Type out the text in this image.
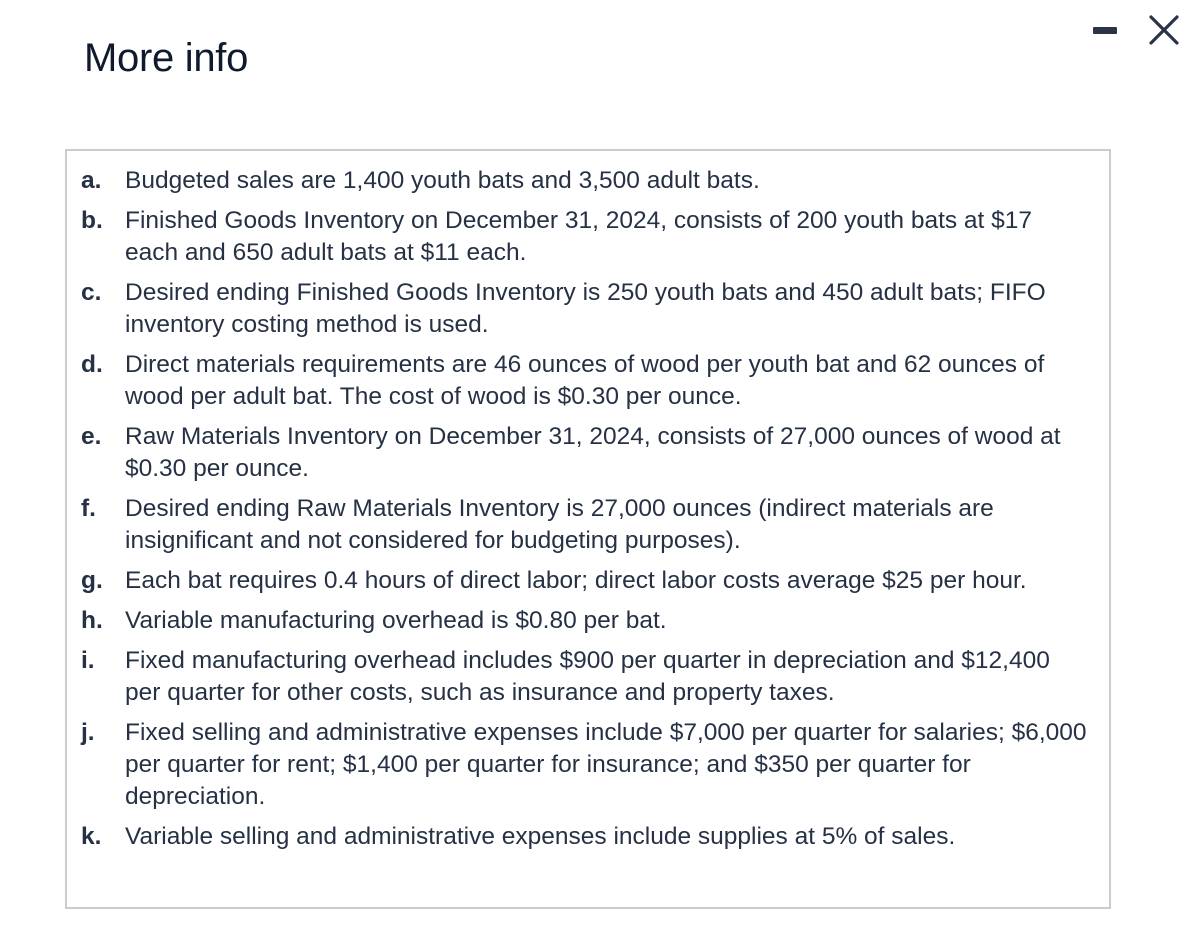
More info
a. Budgeted sales are 1,400 youth bats and 3,500 adult bats.
b. Finished Goods Inventory on December 31, 2024, consists of 200 youth bats at $17 each and 650 adult bats at $11 each.
c. Desired ending Finished Goods Inventory is 250 youth bats and 450 adult bats; FIFO inventory costing method is used.
d. Direct materials requirements are 46 ounces of wood per youth bat and 62 ounces of wood per adult bat. The cost of wood is $0.30 per ounce.
e. Raw Materials Inventory on December 31, 2024, consists of 27,000 ounces of wood at $0.30 per ounce.
f.	Desired ending Raw Materials Inventory is 27,000 ounces (indirect materials are insignificant and not considered for budgeting purposes).
g. Each bat requires 0.4 hours of direct labor; direct labor costs average $25 per hour.
h. Variable manufacturing overhead is $0.80 per bat.
i.	Fixed manufacturing overhead includes $900 per quarter in depreciation and $12,400 per quarter for other costs, such as insurance and property taxes.
j.	Fixed selling and administrative expenses include $7,000 per quarter for salaries; $6,000 per quarter for rent; $1,400 per quarter for insurance; and $350 per quarter for depreciation.
k. Variable selling and administrative expenses include supplies at 5% of sales.
